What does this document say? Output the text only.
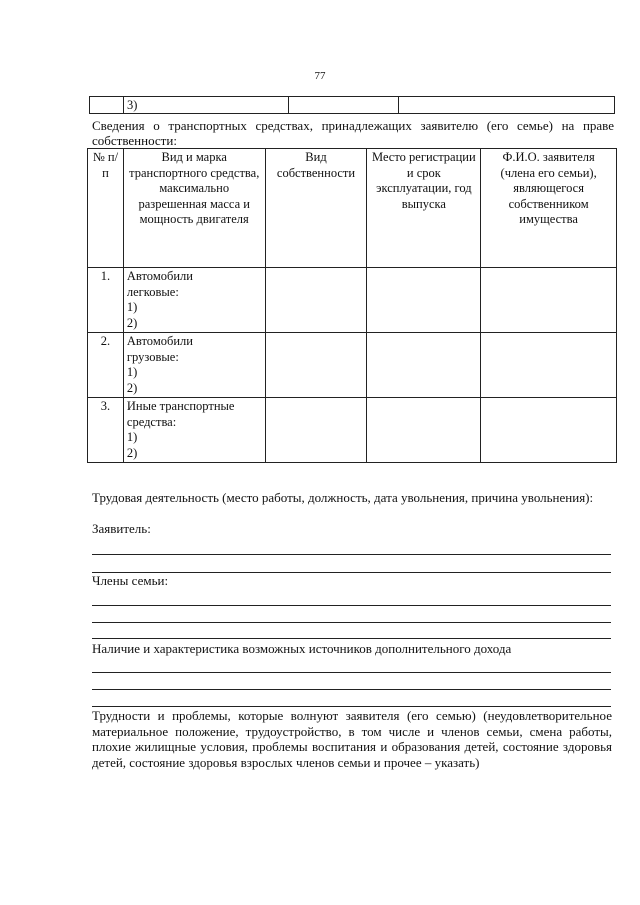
77
3)
Сведения о транспортных средствах, принадлежащих заявителю (его семье) на праве собственности:
№ п/п	Вид и марка транспортного средства, максимально разрешенная масса и мощность двигателя	Вид собственности	Место регистрации и срок эксплуатации, год выпуска	Ф.И.О. заявителя (члена его семьи), являющегося собственником имущества
1.	Автомобили
легковые:
1)
2)			

2.	Автомобили
грузовые:
1)
2)			

3.	Иные транспортные
средства:
1)
2)			

Трудовая деятельность (место работы, должность, дата увольнения, причина увольнения):
Заявитель:
Члены семьи:
Наличие и характеристика возможных источников дополнительного дохода
Трудности и проблемы, которые волнуют заявителя (его семью) (неудовлетворительное материальное положение, трудоустройство, в том числе и членов семьи, смена работы, плохие жилищные условия, проблемы воспитания и образования детей, состояние здоровья детей, состояние здоровья взрослых членов семьи и прочее – указать)
